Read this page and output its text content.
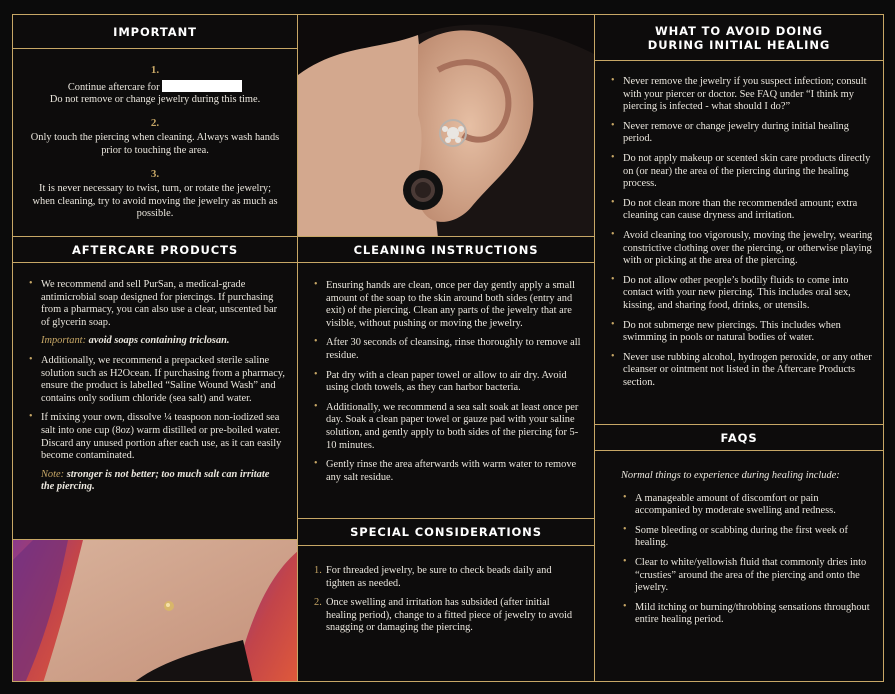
IMPORTANT
1.
Continue aftercare for
Do not remove or change jewelry during this time.
2.
Only touch the piercing when cleaning. Always wash hands prior to touching the area.
3.
It is never necessary to twist, turn, or rotate the jewelry; when cleaning, try to avoid moving the jewelry as much as possible.
AFTERCARE PRODUCTS
• We recommend and sell PurSan, a medical-grade antimicrobial soap designed for piercings. If purchasing from a pharmacy, you can also use a clear, unscented bar of glycerin soap.
Important: avoid soaps containing triclosan.
• Additionally, we recommend a prepacked sterile saline solution such as H2Ocean. If purchasing from a pharmacy, ensure the product is labelled “Saline Wound Wash” and contains only sodium chloride (sea salt) and water.
• If mixing your own, dissolve ¼ teaspoon non-iodized sea salt into one cup (8oz) warm distilled or pre-boiled water. Discard any unused portion after each use, as it can easily become contaminated.
Note: stronger is not better; too much salt can irritate the piercing.
CLEANING INSTRUCTIONS
• Ensuring hands are clean, once per day gently apply a small amount of the soap to the skin around both sides (entry and exit) of the piercing. Clean any parts of the jewelry that are visible, without pushing or moving the jewelry.
• After 30 seconds of cleansing, rinse thoroughly to remove all residue.
• Pat dry with a clean paper towel or allow to air dry. Avoid using cloth towels, as they can harbor bacteria.
• Additionally, we recommend a sea salt soak at least once per day. Soak a clean paper towel or gauze pad with your saline solution, and gently apply to both sides of the piercing for 5-10 minutes.
• Gently rinse the area afterwards with warm water to remove any salt residue.
SPECIAL CONSIDERATIONS
1. For threaded jewelry, be sure to check beads daily and tighten as needed.
2. Once swelling and irritation has subsided (after initial healing period), change to a fitted piece of jewelry to avoid snagging or damaging the piercing.
WHAT TO AVOID DOING
DURING INITIAL HEALING
• Never remove the jewelry if you suspect infection; consult with your piercer or doctor. See FAQ under “I think my piercing is infected - what should I do?”
• Never remove or change jewelry during initial healing period.
• Do not apply makeup or scented skin care products directly on (or near) the area of the piercing during the healing process.
• Do not clean more than the recommended amount; extra cleaning can cause dryness and irritation.
• Avoid cleaning too vigorously, moving the jewelry, wearing constrictive clothing over the piercing, or otherwise playing with or picking at the area of the piercing.
• Do not allow other people’s bodily fluids to come into contact with your new piercing. This includes oral sex, kissing, and sharing food, drinks, or utensils.
• Do not submerge new piercings. This includes when swimming in pools or natural bodies of water.
• Never use rubbing alcohol, hydrogen peroxide, or any other cleanser or ointment not listed in the Aftercare Products section.
FAQS
Normal things to experience during healing include:
• A manageable amount of discomfort or pain accompanied by moderate swelling and redness.
• Some bleeding or scabbing during the first week of healing.
• Clear to white/yellowish fluid that commonly dries into “crusties” around the area of the piercing and onto the jewelry.
• Mild itching or burning/throbbing sensations throughout entire healing period.
